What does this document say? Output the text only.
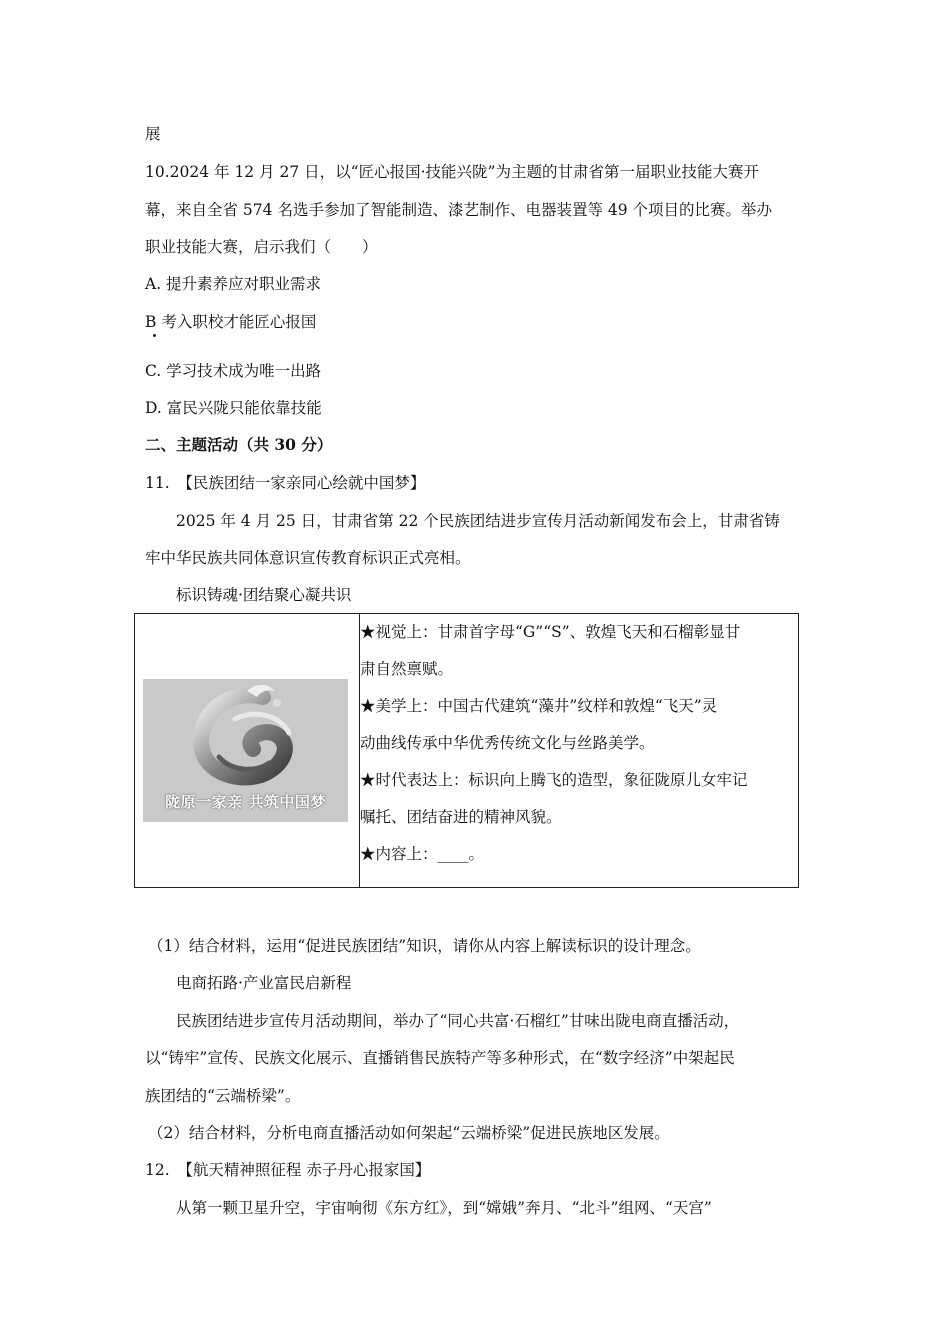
展
10.2024 年 12 月 27 日，以“匠心报国·技能兴陇”为主题的甘肃省第一届职业技能大赛开
幕，来自全省 574 名选手参加了智能制造、漆艺制作、电器装置等 49 个项目的比赛。举办
职业技能大赛，启示我们（　　）
A. 提升素养应对职业需求
B 考入职校才能匠心报国
C. 学习技术成为唯一出路
D. 富民兴陇只能依靠技能
二、主题活动（共 30 分）
11.　【民族团结一家亲同心绘就中国梦】
2025 年 4 月 25 日，甘肃省第 22 个民族团结进步宣传月活动新闻发布会上，甘肃省铸
牢中华民族共同体意识宣传教育标识正式亮相。
标识铸魂·团结聚心凝共识
陇原一家亲 共筑中国梦

★视觉上：甘肃首字母“G”“S”、敦煌飞天和石榴彰显甘
肃自然禀赋。
★美学上：中国古代建筑“藻井”纹样和敦煌“飞天”灵
动曲线传承中华优秀传统文化与丝路美学。
★时代表达上：标识向上腾飞的造型，象征陇原儿女牢记
嘱托、团结奋进的精神风貌。
★内容上：____。
（1）结合材料，运用“促进民族团结”知识，请你从内容上解读标识的设计理念。
电商拓路·产业富民启新程
民族团结进步宣传月活动期间，举办了“同心共富·石榴红”甘味出陇电商直播活动，
以“铸牢”宣传、民族文化展示、直播销售民族特产等多种形式，在“数字经济”中架起民
族团结的“云端桥梁”。
（2）结合材料，分析电商直播活动如何架起“云端桥梁”促进民族地区发展。
12.　【航天精神照征程 赤子丹心报家国】
从第一颗卫星升空，宇宙响彻《东方红》，到“嫦娥”奔月、“北斗”组网、“天宫”
